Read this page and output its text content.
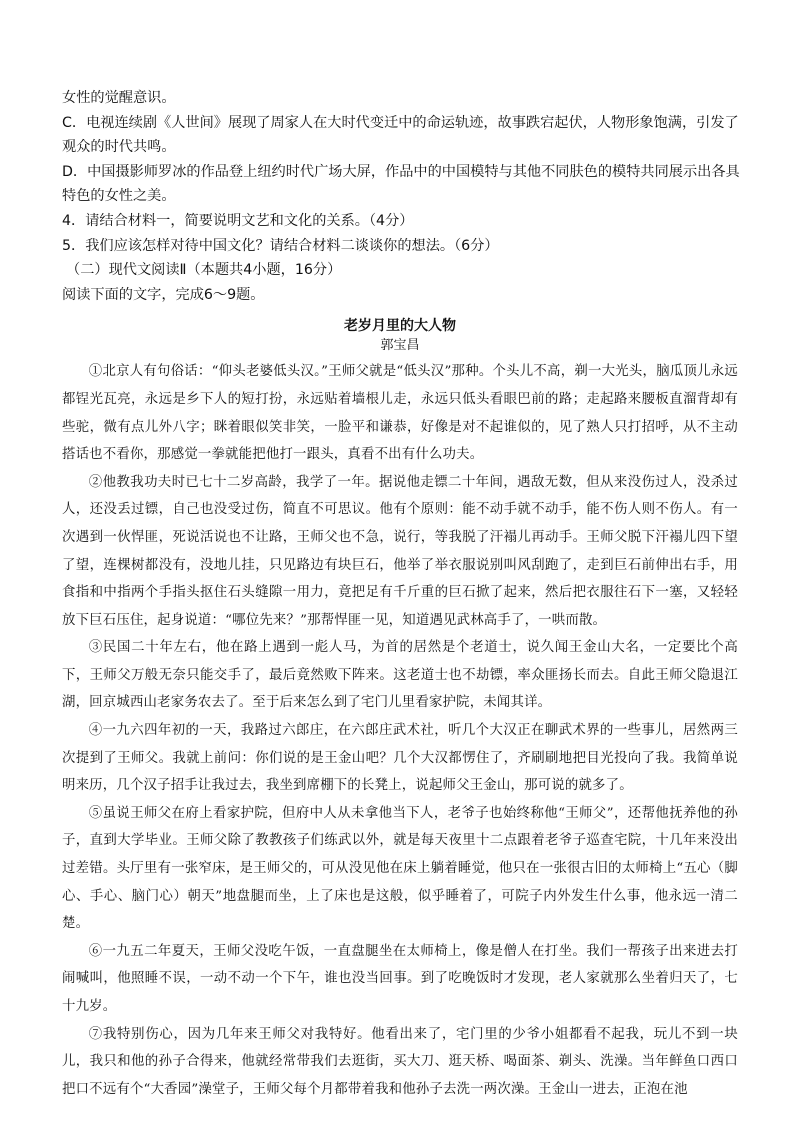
女性的觉醒意识。
C．电视连续剧《人世间》展现了周家人在大时代变迁中的命运轨迹，故事跌宕起伏，人物形象饱满，引发了
观众的时代共鸣。
D．中国摄影师罗冰的作品登上纽约时代广场大屏，作品中的中国模特与其他不同肤色的模特共同展示出各具
特色的女性之美。
4．请结合材料一，简要说明文艺和文化的关系。（4分）
5．我们应该怎样对待中国文化？请结合材料二谈谈你的想法。（6分）
（二）现代文阅读Ⅱ（本题共4小题，16分）
阅读下面的文字，完成6～9题。
老岁月里的大人物
郭宝昌

①北京人有句俗话：“仰头老婆低头汉。”王师父就是“低头汉”那种。个头儿不高，剃一大光头，脑瓜顶儿永远都锃光瓦亮，永远是乡下人的短打扮，永远贴着墙根儿走，永远只低头看眼巴前的路；走起路来腰板直溜背却有些驼，微有点儿外八字；眯着眼似笑非笑，一脸平和谦恭，好像是对不起谁似的，见了熟人只打招呼，从不主动搭话也不看你，那感觉一拳就能把他打一跟头，真看不出有什么功夫。

②他教我功夫时已七十二岁高龄，我学了一年。据说他走镖二十年间，遇敌无数，但从来没伤过人，没杀过人，还没丢过镖，自己也没受过伤，简直不可思议。他有个原则：能不动手就不动手，能不伤人则不伤人。有一次遇到一伙悍匪，死说活说也不让路，王师父也不急，说行，等我脱了汗褟儿再动手。王师父脱下汗褟儿四下望了望，连棵树都没有，没地儿挂，只见路边有块巨石，他举了举衣服说别叫风刮跑了，走到巨石前伸出右手，用食指和中指两个手指头抠住石头缝隙一用力，竟把足有千斤重的巨石掀了起来，然后把衣服往石下一塞，又轻轻放下巨石压住，起身说道：“哪位先来？”那帮悍匪一见，知道遇见武林高手了，一哄而散。

③民国二十年左右，他在路上遇到一彪人马，为首的居然是个老道士，说久闻王金山大名，一定要比个高下，王师父万般无奈只能交手了，最后竟然败下阵来。这老道士也不劫镖，率众匪扬长而去。自此王师父隐退江湖，回京城西山老家务农去了。至于后来怎么到了宅门儿里看家护院，未闻其详。

④一九六四年初的一天，我路过六郎庄，在六郎庄武术社，听几个大汉正在聊武术界的一些事儿，居然两三次提到了王师父。我就上前问：你们说的是王金山吧？几个大汉都愣住了，齐刷刷地把目光投向了我。我简单说明来历，几个汉子招手让我过去，我坐到席棚下的长凳上，说起师父王金山，那可说的就多了。

⑤虽说王师父在府上看家护院，但府中人从未拿他当下人，老爷子也始终称他“王师父”，还帮他抚养他的孙子，直到大学毕业。王师父除了教教孩子们练武以外，就是每天夜里十二点跟着老爷子巡查宅院，十几年来没出过差错。头厅里有一张窄床，是王师父的，可从没见他在床上躺着睡觉，他只在一张很古旧的太师椅上“五心（脚心、手心、脑门心）朝天”地盘腿而坐，上了床也是这般，似乎睡着了，可院子内外发生什么事，他永远一清二楚。

⑥一九五二年夏天，王师父没吃午饭，一直盘腿坐在太师椅上，像是僧人在打坐。我们一帮孩子出来进去打闹喊叫，他照睡不误，一动不动一个下午，谁也没当回事。到了吃晚饭时才发现，老人家就那么坐着归天了，七十九岁。

⑦我特别伤心，因为几年来王师父对我特好。他看出来了，宅门里的少爷小姐都看不起我，玩儿不到一块儿，我只和他的孙子合得来，他就经常带我们去逛街，买大刀、逛天桥、喝面茶、剃头、洗澡。当年鲜鱼口西口把口不远有个“大香园”澡堂子，王师父每个月都带着我和他孙子去洗一两次澡。王金山一进去，正泡在池
